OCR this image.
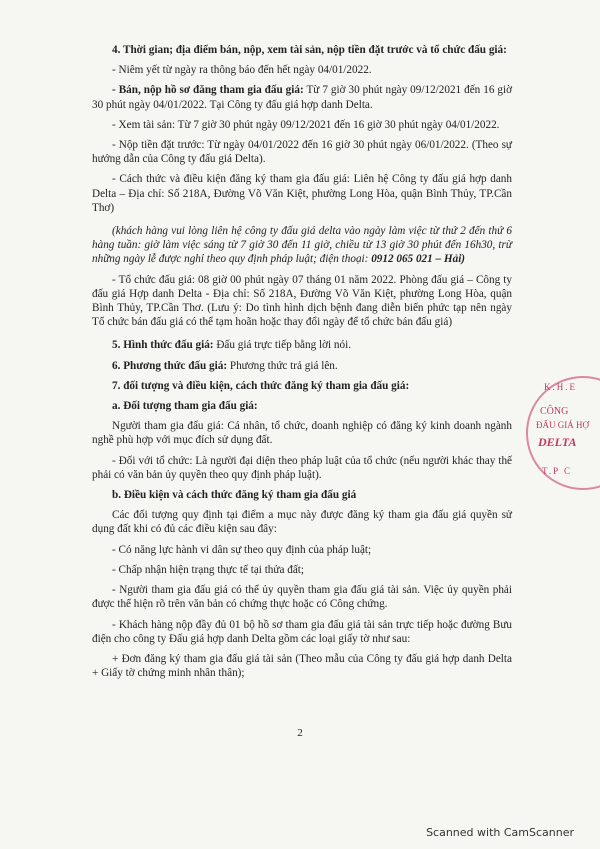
4. Thời gian; địa điểm bán, nộp, xem tài sản, nộp tiền đặt trước và tổ chức đấu giá:

- Niêm yết từ ngày ra thông báo đến hết ngày 04/01/2022.

- Bán, nộp hồ sơ đăng tham gia đấu giá: Từ 7 giờ 30 phút ngày 09/12/2021 đến 16 giờ 30 phút ngày 04/01/2022. Tại Công ty đấu giá hợp danh Delta.

- Xem tài sản: Từ 7 giờ 30 phút ngày 09/12/2021 đến 16 giờ 30 phút ngày 04/01/2022.

- Nộp tiền đặt trước: Từ ngày 04/01/2022 đến 16 giờ 30 phút ngày 06/01/2022. (Theo sự hướng dẫn của Công ty đấu giá Delta).

- Cách thức và điều kiện đăng ký tham gia đấu giá: Liên hệ Công ty đấu giá hợp danh Delta – Địa chỉ: Số 218A, Đường Võ Văn Kiệt, phường Long Hòa, quận Bình Thủy, TP.Cần Thơ)

(khách hàng vui lòng liên hệ công ty đấu giá delta vào ngày làm việc từ thứ 2 đến thứ 6 hàng tuần: giờ làm việc sáng từ 7 giờ 30 đến 11 giờ, chiều từ 13 giờ 30 phút đến 16h30, trừ những ngày lễ được nghỉ theo quy định pháp luật; điện thoại: 0912 065 021 – Hải)

- Tổ chức đấu giá: 08 giờ 00 phút ngày 07 tháng 01 năm 2022. Phòng đấu giá – Công ty đấu giá Hợp danh Delta - Địa chỉ: Số 218A, Đường Võ Văn Kiệt, phường Long Hòa, quận Bình Thủy, TP.Cần Thơ. (Lưu ý: Do tình hình dịch bệnh đang diễn biến phức tạp nên ngày Tổ chức bán đấu giá có thể tạm hoãn hoặc thay đổi ngày để tổ chức bán đấu giá)

5. Hình thức đấu giá: Đấu giá trực tiếp bằng lời nói.

6. Phương thức đấu giá: Phương thức trả giá lên.

7. đối tượng và điều kiện, cách thức đăng ký tham gia đấu giá:

a. Đối tượng tham gia đấu giá:

Người tham gia đấu giá: Cá nhân, tổ chức, doanh nghiệp có đăng ký kinh doanh ngành nghề phù hợp với mục đích sử dụng đất.

- Đối với tổ chức: Là người đại diện theo pháp luật của tổ chức (nếu người khác thay thế phải có văn bản ủy quyền theo quy định pháp luật).

b. Điều kiện và cách thức đăng ký tham gia đấu giá

Các đối tượng quy định tại điểm a mục này được đăng ký tham gia đấu giá quyền sử dụng đất khi có đủ các điều kiện sau đây:

- Có năng lực hành vi dân sự theo quy định của pháp luật;

- Chấp nhận hiện trạng thực tế tại thửa đất;

- Người tham gia đấu giá có thể ủy quyền tham gia đấu giá tài sản. Việc ủy quyền phải được thể hiện rõ trên văn bản có chứng thực hoặc có Công chứng.

- Khách hàng nộp đầy đủ 01 bộ hồ sơ tham gia đấu giá tài sản trực tiếp hoặc đường Bưu điện cho công ty Đấu giá hợp danh Delta gồm các loại giấy tờ như sau:

+ Đơn đăng ký tham gia đấu giá tài sản (Theo mẫu của Công ty đấu giá hợp danh Delta + Giấy tờ chứng minh nhân thân);

2
K.H.E
CÔNG
ĐẤU GIÁ HỢ
DELTA
T.P C
Scanned with CamScanner
